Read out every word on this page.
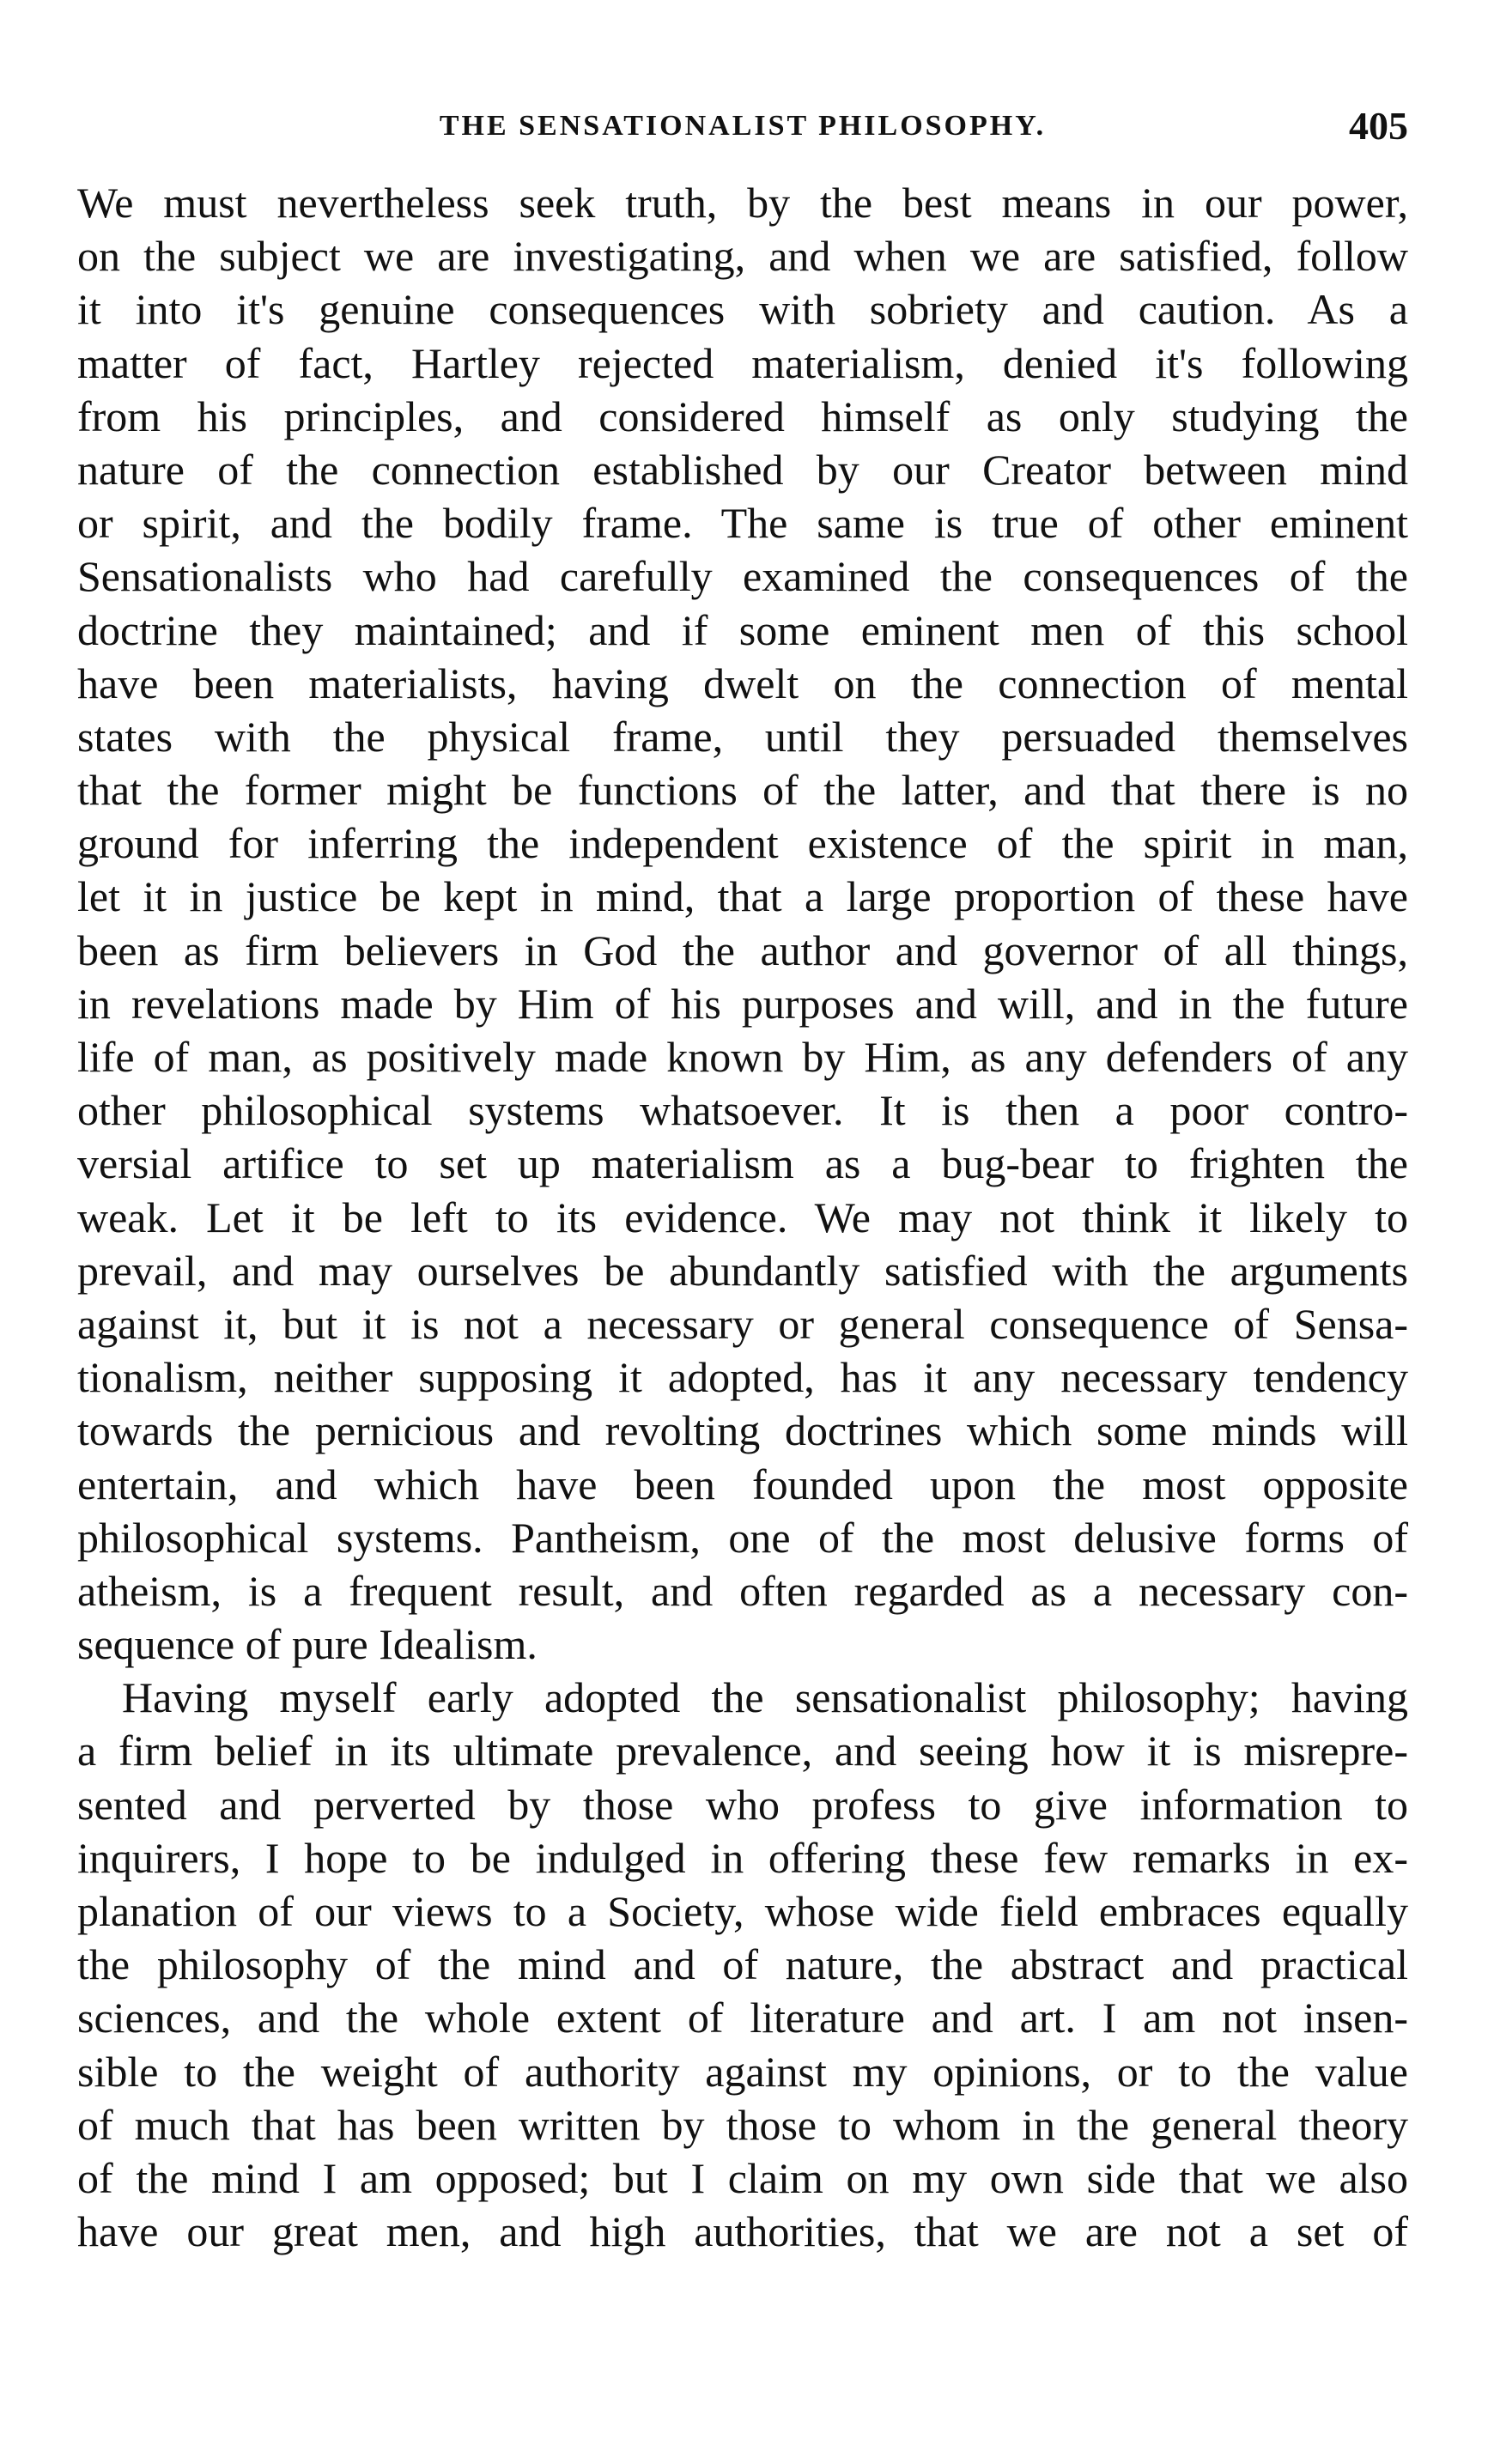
THE SENSATIONALIST PHILOSOPHY.	405
We must nevertheless seek truth, by the best means in our power,
on the subject we are investigating, and when we are satisfied, follow
it into it's genuine consequences with sobriety and caution. As a
matter of fact, Hartley rejected materialism, denied it's following
from his principles, and considered himself as only studying the
nature of the connection established by our Creator between mind
or spirit, and the bodily frame. The same is true of other eminent
Sensationalists who had carefully examined the consequences of the
doctrine they maintained; and if some eminent men of this school
have been materialists, having dwelt on the connection of mental
states with the physical frame, until they persuaded themselves
that the former might be functions of the latter, and that there is no
ground for inferring the independent existence of the spirit in man,
let it in justice be kept in mind, that a large proportion of these have
been as firm believers in God the author and governor of all things,
in revelations made by Him of his purposes and will, and in the future
life of man, as positively made known by Him, as any defenders of any
other philosophical systems whatsoever. It is then a poor contro-
versial artifice to set up materialism as a bug-bear to frighten the
weak. Let it be left to its evidence. We may not think it likely to
prevail, and may ourselves be abundantly satisfied with the arguments
against it, but it is not a necessary or general consequence of Sensa-
tionalism, neither supposing it adopted, has it any necessary tendency
towards the pernicious and revolting doctrines which some minds will
entertain, and which have been founded upon the most opposite
philosophical systems. Pantheism, one of the most delusive forms of
atheism, is a frequent result, and often regarded as a necessary con-
sequence of pure Idealism.
Having myself early adopted the sensationalist philosophy; having
a firm belief in its ultimate prevalence, and seeing how it is misrepre-
sented and perverted by those who profess to give information to
inquirers, I hope to be indulged in offering these few remarks in ex-
planation of our views to a Society, whose wide field embraces equally
the philosophy of the mind and of nature, the abstract and practical
sciences, and the whole extent of literature and art. I am not insen-
sible to the weight of authority against my opinions, or to the value
of much that has been written by those to whom in the general theory
of the mind I am opposed; but I claim on my own side that we also
have our great men, and high authorities, that we are not a set of
